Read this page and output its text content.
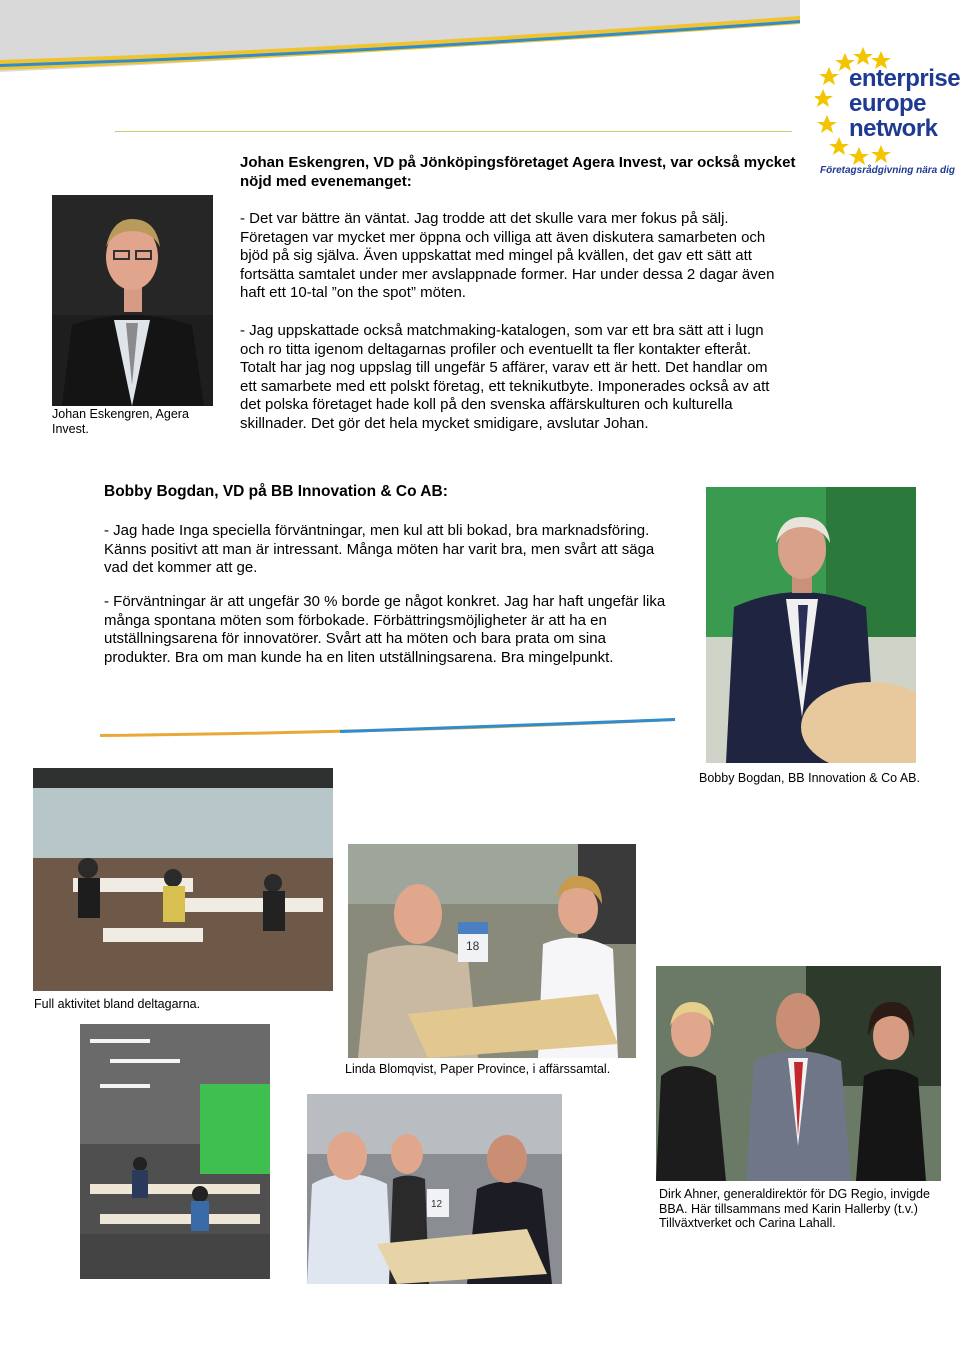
enterprise
europe
network
Företagsrådgivning nära dig
Johan Eskengren, VD på Jönköpingsföretaget Agera Invest, var också mycket nöjd med evenemanget:
Johan Eskengren, Agera Invest.
- Det var bättre än väntat. Jag trodde att det skulle vara mer fokus på sälj. Företagen var mycket mer öppna och villiga att även diskutera samarbeten och bjöd på sig själva. Även uppskattat med mingel på kvällen, det gav ett sätt att fortsätta samtalet under mer avslappnade former. Har under dessa 2 dagar även haft ett 10-tal ”on the spot” möten.
- Jag uppskattade också matchmaking-katalogen, som var ett bra sätt att i lugn och ro titta igenom deltagarnas profiler och eventuellt ta fler kontakter efteråt. Totalt har jag nog uppslag till ungefär 5 affärer, varav ett är hett. Det handlar om ett samarbete med ett polskt företag, ett teknikutbyte. Imponerades också av att det polska företaget hade koll på den svenska affärskulturen och kulturella skillnader. Det gör det hela mycket smidigare, avslutar Johan.
Bobby Bogdan, VD på BB Innovation & Co AB:
- Jag hade Inga speciella förväntningar, men kul att bli bokad, bra marknadsföring. Känns positivt att man är intressant. Många möten har varit bra, men svårt att säga vad det kommer att ge.
- Förväntningar är att ungefär 30 % borde ge något konkret. Jag har haft ungefär lika många spontana möten som förbokade. Förbättringsmöjligheter är att ha en utställningsarena för innovatörer. Svårt att ha möten och bara prata om sina produkter. Bra om man kunde ha en liten utställningsarena. Bra mingelpunkt.
Bobby Bogdan, BB Innovation & Co AB.
Full aktivitet bland deltagarna.
18
Linda Blomqvist, Paper Province, i affärssamtal.
Dirk Ahner, generaldirektör för DG Regio, invigde BBA. Här tillsammans med Karin Hallerby (t.v.) Tillväxtverket och Carina Lahall.
12
